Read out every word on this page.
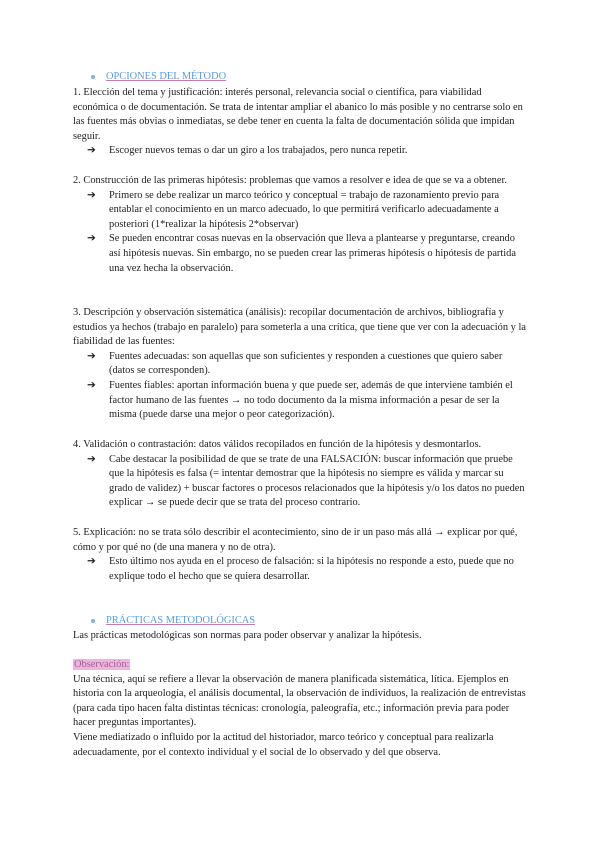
OPCIONES DEL MÉTODO

1. Elección del tema y justificación: interés personal, relevancia social o científica, para viabilidad económica o de documentación. Se trata de intentar ampliar el abanico lo más posible y no centrarse solo en las fuentes más obvias o inmediatas, se debe tener en cuenta la falta de documentación sólida que impidan seguir.

➔	Escoger nuevos temas o dar un giro a los trabajados, pero nunca repetir.

2. Construcción de las primeras hipótesis: problemas que vamos a resolver e idea de que se va a obtener.

➔	Primero se debe realizar un marco teórico y conceptual = trabajo de razonamiento previo para entablar el conocimiento en un marco adecuado, lo que permitirá verificarlo adecuadamente a posteriori (1*realizar la hipótesis 2*observar)
➔	Se pueden encontrar cosas nuevas en la observación que lleva a plantearse y preguntarse, creando así hipótesis nuevas. Sin embargo, no se pueden crear las primeras hipótesis o hipótesis de partida una vez hecha la observación.

3. Descripción y observación sistemática (análisis): recopilar documentación de archivos, bibliografía y estudios ya hechos (trabajo en paralelo) para someterla a una crítica, que tiene que ver con la adecuación y la fiabilidad de las fuentes:

➔	Fuentes adecuadas: son aquellas que son suficientes y responden a cuestiones que quiero saber (datos se corresponden).
➔	Fuentes fiables: aportan información buena y que puede ser, además de que interviene también el factor humano de las fuentes → no todo documento da la misma información a pesar de ser la misma (puede darse una mejor o peor categorización).

4. Validación o contrastación: datos válidos recopilados en función de la hipótesis y desmontarlos.

➔	Cabe destacar la posibilidad de que se trate de una FALSACIÓN: buscar información que pruebe que la hipótesis es falsa (= intentar demostrar que la hipótesis no siempre es válida y marcar su grado de validez) + buscar factores o procesos relacionados que la hipótesis y/o los datos no pueden explicar → se puede decir que se trata del proceso contrario.

5. Explicación: no se trata sólo describir el acontecimiento, sino de ir un paso más allá → explicar por qué, cómo y por qué no (de una manera y no de otra).

➔	Esto último nos ayuda en el proceso de falsación: si la hipótesis no responde a esto, puede que no explique todo el hecho que se quiera desarrollar.
PRÁCTICAS METODOLÓGICAS

Las prácticas metodológicas son normas para poder observar y analizar la hipótesis.

Observación:

Una técnica, aquí se refiere a llevar la observación de manera planificada sistemática, lítica. Ejemplos en historia con la arqueología, el análisis documental, la observación de individuos, la realización de entrevistas (para cada tipo hacen falta distintas técnicas: cronología, paleografía, etc.; información previa para poder hacer preguntas importantes).

Viene mediatizado o influido por la actitud del historiador, marco teórico y conceptual para realizarla adecuadamente, por el contexto individual y el social de lo observado y del que observa.
